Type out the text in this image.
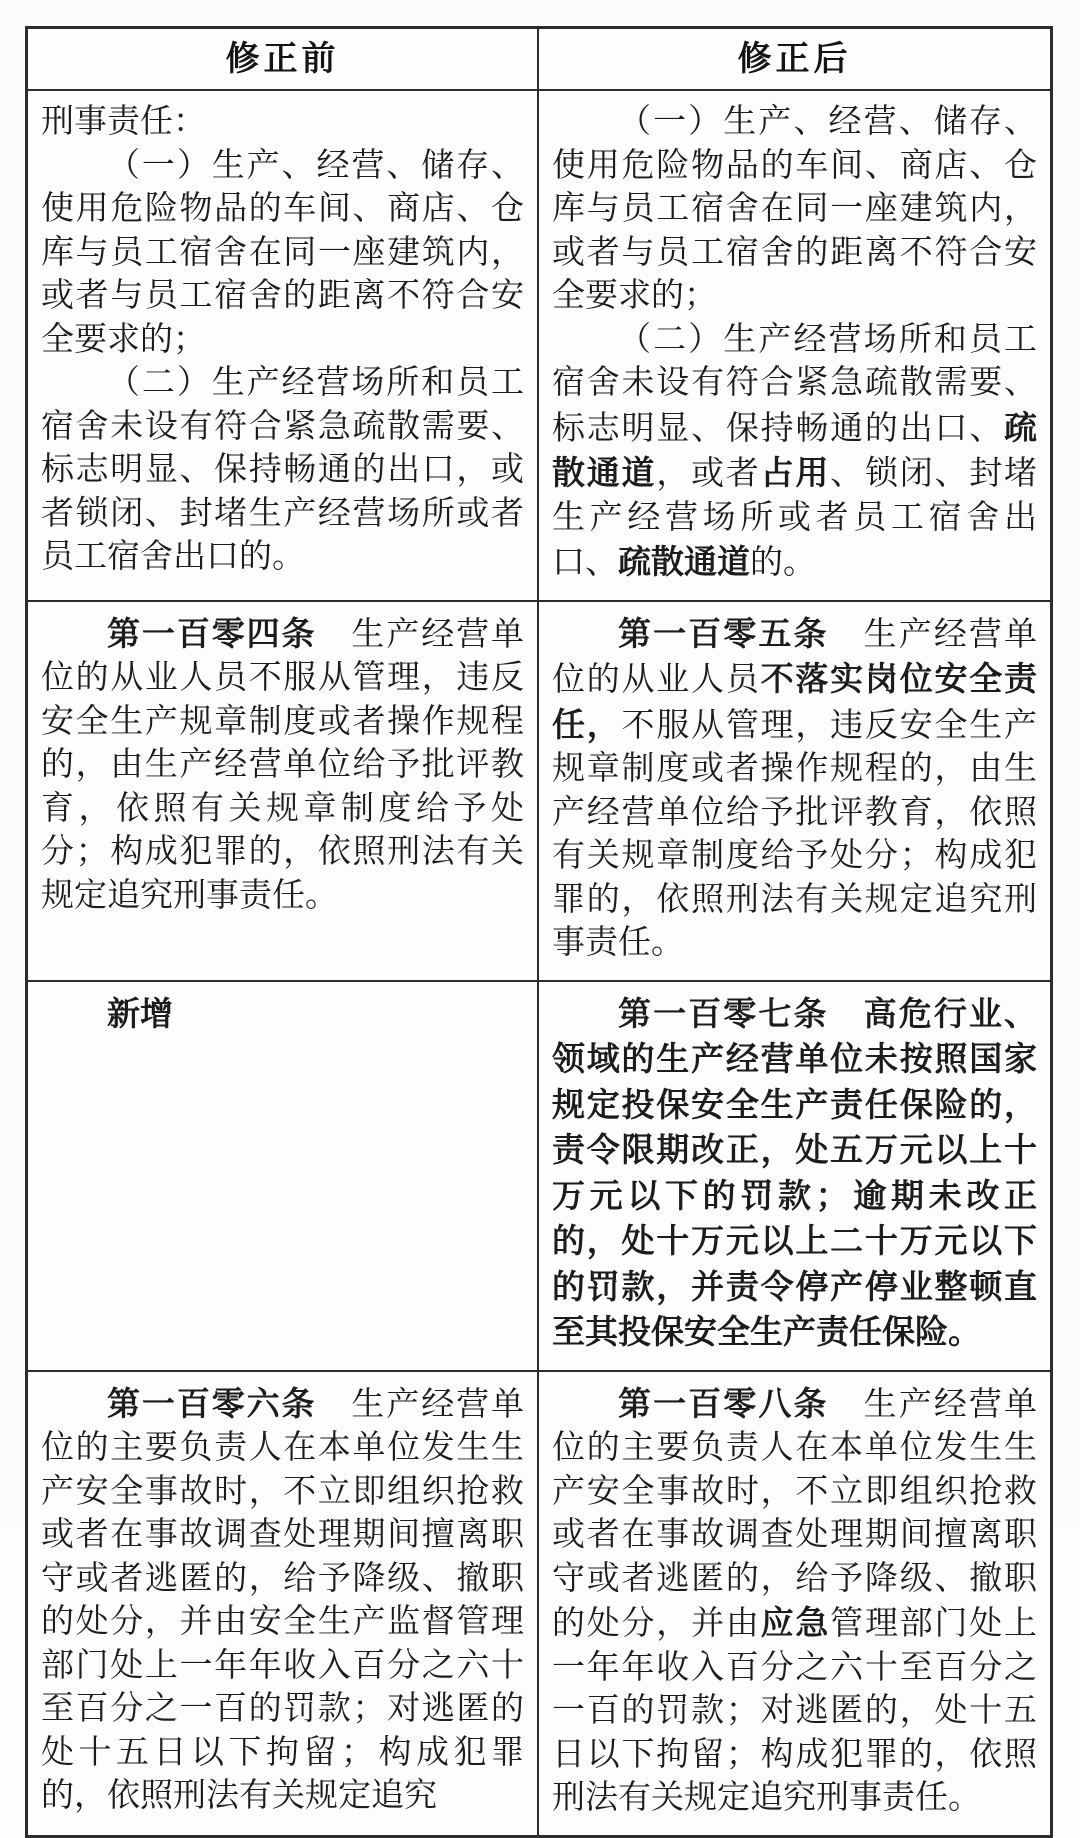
修正前	修正后

刑事责任：

（一）生产、经营、储存、使用危险物品的车间、商店、仓库与员工宿舍在同一座建筑内，或者与员工宿舍的距离不符合安全要求的；

（二）生产经营场所和员工宿舍未设有符合紧急疏散需要、标志明显、保持畅通的出口，或者锁闭、封堵生产经营场所或者员工宿舍出口的。

（一）生产、经营、储存、使用危险物品的车间、商店、仓库与员工宿舍在同一座建筑内，或者与员工宿舍的距离不符合安全要求的；

（二）生产经营场所和员工宿舍未设有符合紧急疏散需要、标志明显、保持畅通的出口、疏散通道，或者占用、锁闭、封堵生产经营场所或者员工宿舍出口、疏散通道的。

第一百零四条　生产经营单位的从业人员不服从管理，违反安全生产规章制度或者操作规程的，由生产经营单位给予批评教育，依照有关规章制度给予处分；构成犯罪的，依照刑法有关规定追究刑事责任。

第一百零五条　生产经营单位的从业人员不落实岗位安全责任，不服从管理，违反安全生产规章制度或者操作规程的，由生产经营单位给予批评教育，依照有关规章制度给予处分；构成犯罪的，依照刑法有关规定追究刑事责任。

新增	第一百零七条　高危行业、领域的生产经营单位未按照国家规定投保安全生产责任保险的，责令限期改正，处五万元以上十万元以下的罚款；逾期未改正的，处十万元以上二十万元以下的罚款，并责令停产停业整顿直至其投保安全生产责任保险。

第一百零六条　生产经营单位的主要负责人在本单位发生生产安全事故时，不立即组织抢救或者在事故调查处理期间擅离职守或者逃匿的，给予降级、撤职的处分，并由安全生产监督管理部门处上一年年收入百分之六十至百分之一百的罚款；对逃匿的处十五日以下拘留；构成犯罪的，依照刑法有关规定追究

第一百零八条　生产经营单位的主要负责人在本单位发生生产安全事故时，不立即组织抢救或者在事故调查处理期间擅离职守或者逃匿的，给予降级、撤职的处分，并由应急管理部门处上一年年收入百分之六十至百分之一百的罚款；对逃匿的，处十五日以下拘留；构成犯罪的，依照刑法有关规定追究刑事责任。
